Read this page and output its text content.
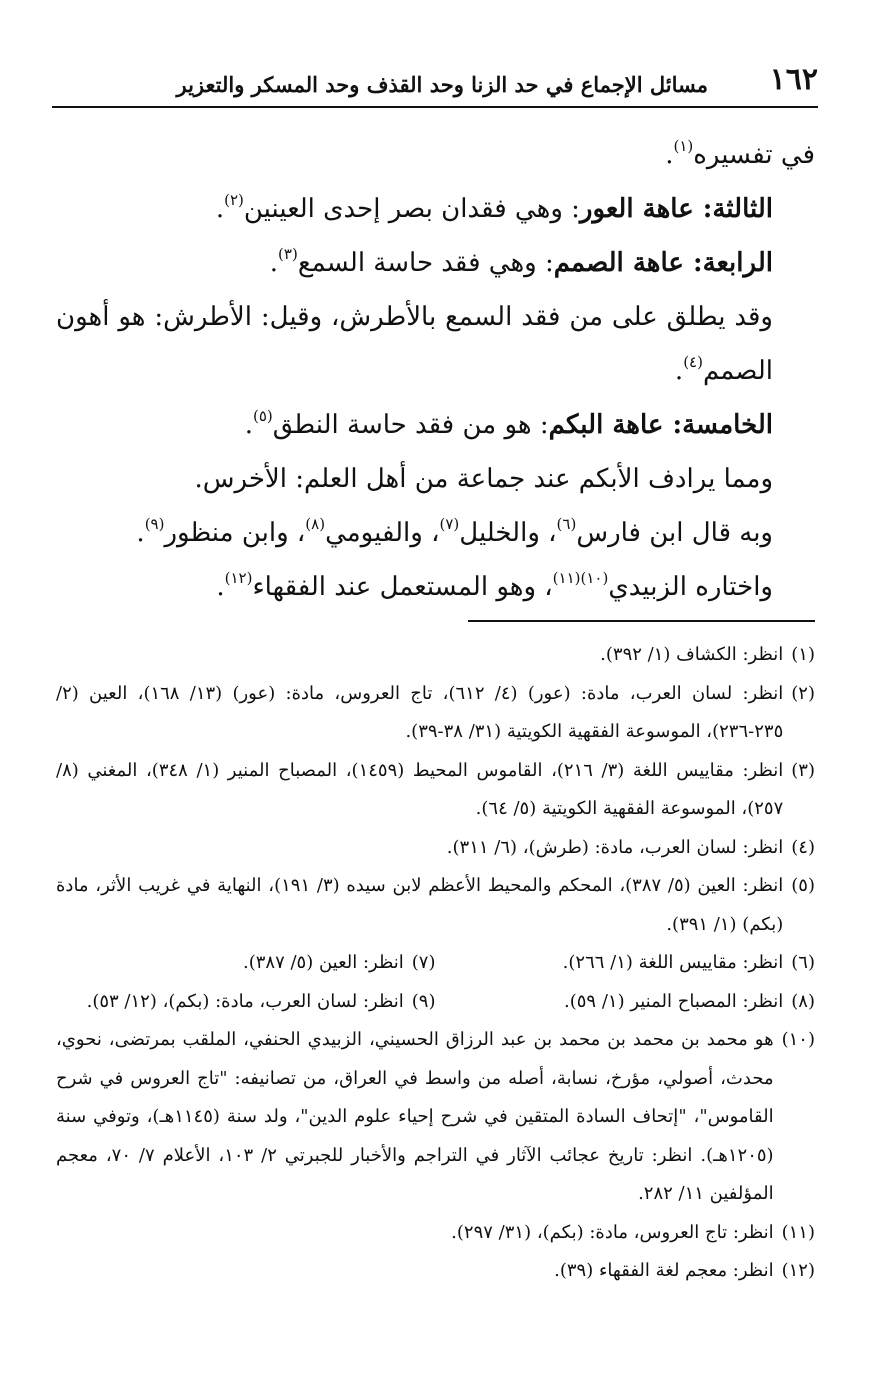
١٦٢
مسائل الإجماع في حد الزنا وحد القذف وحد المسكر والتعزير

في تفسيره$^{(١)}$.

الثالثة: عاهة العور: وهي فقدان بصر إحدى العينين$^{(٢)}$.

الرابعة: عاهة الصمم: وهي فقد حاسة السمع$^{(٣)}$.

وقد يطلق على من فقد السمع بالأطرش، وقيل: الأطرش: هو أهون الصمم$^{(٤)}$.

الخامسة: عاهة البكم: هو من فقد حاسة النطق$^{(٥)}$.

ومما يرادف الأبكم عند جماعة من أهل العلم: الأخرس.

وبه قال ابن فارس$^{(٦)}$، والخليل$^{(٧)}$، والفيومي$^{(٨)}$، وابن منظور$^{(٩)}$.

واختاره الزبيدي$^{(١٠)(١١)}$، وهو المستعمل عند الفقهاء$^{(١٢)}$.

(١)
انظر: الكشاف (١/ ٣٩٢).
(٢)
انظر: لسان العرب، مادة: (عور) (٤/ ٦١٢)، تاج العروس، مادة: (عور) (١٣/ ١٦٨)، العين (٢/ ٢٣٥-٢٣٦)، الموسوعة الفقهية الكويتية (٣١/ ٣٨-٣٩).
(٣)
انظر: مقاييس اللغة (٣/ ٢١٦)، القاموس المحيط (١٤٥٩)، المصباح المنير (١/ ٣٤٨)، المغني (٨/ ٢٥٧)، الموسوعة الفقهية الكويتية (٥/ ٦٤).
(٤)
انظر: لسان العرب، مادة: (طرش)، (٦/ ٣١١).
(٥)
انظر: العين (٥/ ٣٨٧)، المحكم والمحيط الأعظم لابن سيده (٣/ ١٩١)، النهاية في غريب الأثر، مادة (بكم) (١/ ٣٩١).
(٦)
انظر: مقاييس اللغة (١/ ٢٦٦).
(٧)
انظر: العين (٥/ ٣٨٧).
(٨)
انظر: المصباح المنير (١/ ٥٩).
(٩)
انظر: لسان العرب، مادة: (بكم)، (١٢/ ٥٣).
(١٠)
هو محمد بن محمد بن محمد بن عبد الرزاق الحسيني، الزبيدي الحنفي، الملقب بمرتضى، نحوي، محدث، أصولي، مؤرخ، نسابة، أصله من واسط في العراق، من تصانيفه: "تاج العروس في شرح القاموس"، "إتحاف السادة المتقين في شرح إحياء علوم الدين"، ولد سنة (١١٤٥هـ)، وتوفي سنة (١٢٠٥هـ). انظر: تاريخ عجائب الآثار في التراجم والأخبار للجبرتي ٢/ ١٠٣، الأعلام ٧/ ٧٠، معجم المؤلفين ١١/ ٢٨٢.
(١١)
انظر: تاج العروس، مادة: (بكم)، (٣١/ ٢٩٧).
(١٢)
انظر: معجم لغة الفقهاء (٣٩).
